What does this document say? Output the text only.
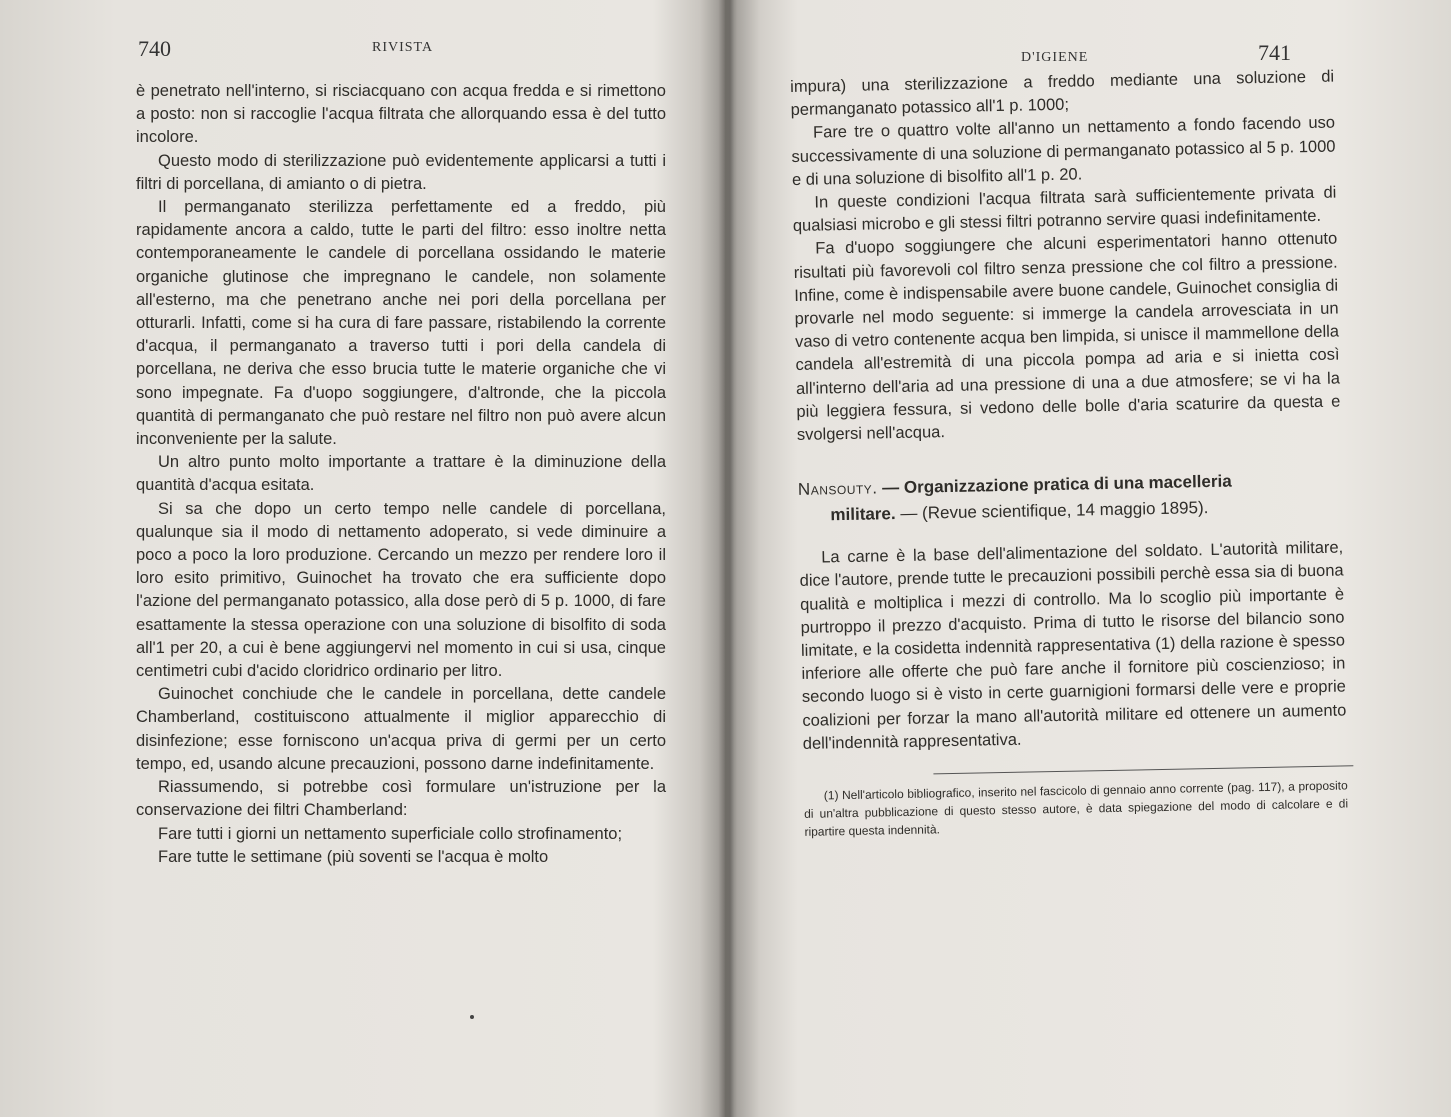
740	RIVISTA

è penetrato nell'interno, si risciacquano con acqua fredda e si rimettono a posto: non si raccoglie l'acqua filtrata che allorquando essa è del tutto incolore.

Questo modo di sterilizzazione può evidentemente applicarsi a tutti i filtri di porcellana, di amianto o di pietra.

Il permanganato sterilizza perfettamente ed a freddo, più rapidamente ancora a caldo, tutte le parti del filtro: esso inoltre netta contemporaneamente le candele di porcellana ossidando le materie organiche glutinose che impregnano le candele, non solamente all'esterno, ma che penetrano anche nei pori della porcellana per otturarli. Infatti, come si ha cura di fare passare, ristabilendo la corrente d'acqua, il permanganato a traverso tutti i pori della candela di porcellana, ne deriva che esso brucia tutte le materie organiche che vi sono impegnate. Fa d'uopo soggiungere, d'altronde, che la piccola quantità di permanganato che può restare nel filtro non può avere alcun inconveniente per la salute.

Un altro punto molto importante a trattare è la diminuzione della quantità d'acqua esitata.

Si sa che dopo un certo tempo nelle candele di porcellana, qualunque sia il modo di nettamento adoperato, si vede diminuire a poco a poco la loro produzione. Cercando un mezzo per rendere loro il loro esito primitivo, Guinochet ha trovato che era sufficiente dopo l'azione del permanganato potassico, alla dose però di 5 p. 1000, di fare esattamente la stessa operazione con una soluzione di bisolfito di soda all'1 per 20, a cui è bene aggiungervi nel momento in cui si usa, cinque centimetri cubi d'acido cloridrico ordinario per litro.

Guinochet conchiude che le candele in porcellana, dette candele Chamberland, costituiscono attualmente il miglior apparecchio di disinfezione; esse forniscono un'acqua priva di germi per un certo tempo, ed, usando alcune precauzioni, possono darne indefinitamente.

Riassumendo, si potrebbe così formulare un'istruzione per la conservazione dei filtri Chamberland:

Fare tutti i giorni un nettamento superficiale collo strofinamento;

Fare tutte le settimane (più soventi se l'acqua è molto

D'IGIENE	741

impura) una sterilizzazione a freddo mediante una soluzione di permanganato potassico all'1 p. 1000;

Fare tre o quattro volte all'anno un nettamento a fondo facendo uso successivamente di una soluzione di permanganato potassico al 5 p. 1000 e di una soluzione di bisolfito all'1 p. 20.

In queste condizioni l'acqua filtrata sarà sufficientemente privata di qualsiasi microbo e gli stessi filtri potranno servire quasi indefinitamente.

Fa d'uopo soggiungere che alcuni esperimentatori hanno ottenuto risultati più favorevoli col filtro senza pressione che col filtro a pressione. Infine, come è indispensabile avere buone candele, Guinochet consiglia di provarle nel modo seguente: si immerge la candela arrovesciata in un vaso di vetro contenente acqua ben limpida, si unisce il mammellone della candela all'estremità di una piccola pompa ad aria e si inietta così all'interno dell'aria ad una pressione di una a due atmosfere; se vi ha la più leggiera fessura, si vedono delle bolle d'aria scaturire da questa e svolgersi nell'acqua.

Nansouty. — Organizzazione pratica di una macelleria
militare. — (Revue scientifique, 14 maggio 1895).

La carne è la base dell'alimentazione del soldato. L'autorità militare, dice l'autore, prende tutte le precauzioni possibili perchè essa sia di buona qualità e moltiplica i mezzi di controllo. Ma lo scoglio più importante è purtroppo il prezzo d'acquisto. Prima di tutto le risorse del bilancio sono limitate, e la cosidetta indennità rappresentativa (1) della razione è spesso inferiore alle offerte che può fare anche il fornitore più coscienzioso; in secondo luogo si è visto in certe guarnigioni formarsi delle vere e proprie coalizioni per forzar la mano all'autorità militare ed ottenere un aumento dell'indennità rappresentativa.

(1) Nell'articolo bibliografico, inserito nel fascicolo di gennaio anno corrente (pag. 117), a proposito di un'altra pubblicazione di questo stesso autore, è data spiegazione del modo di calcolare e di ripartire questa indennità.
